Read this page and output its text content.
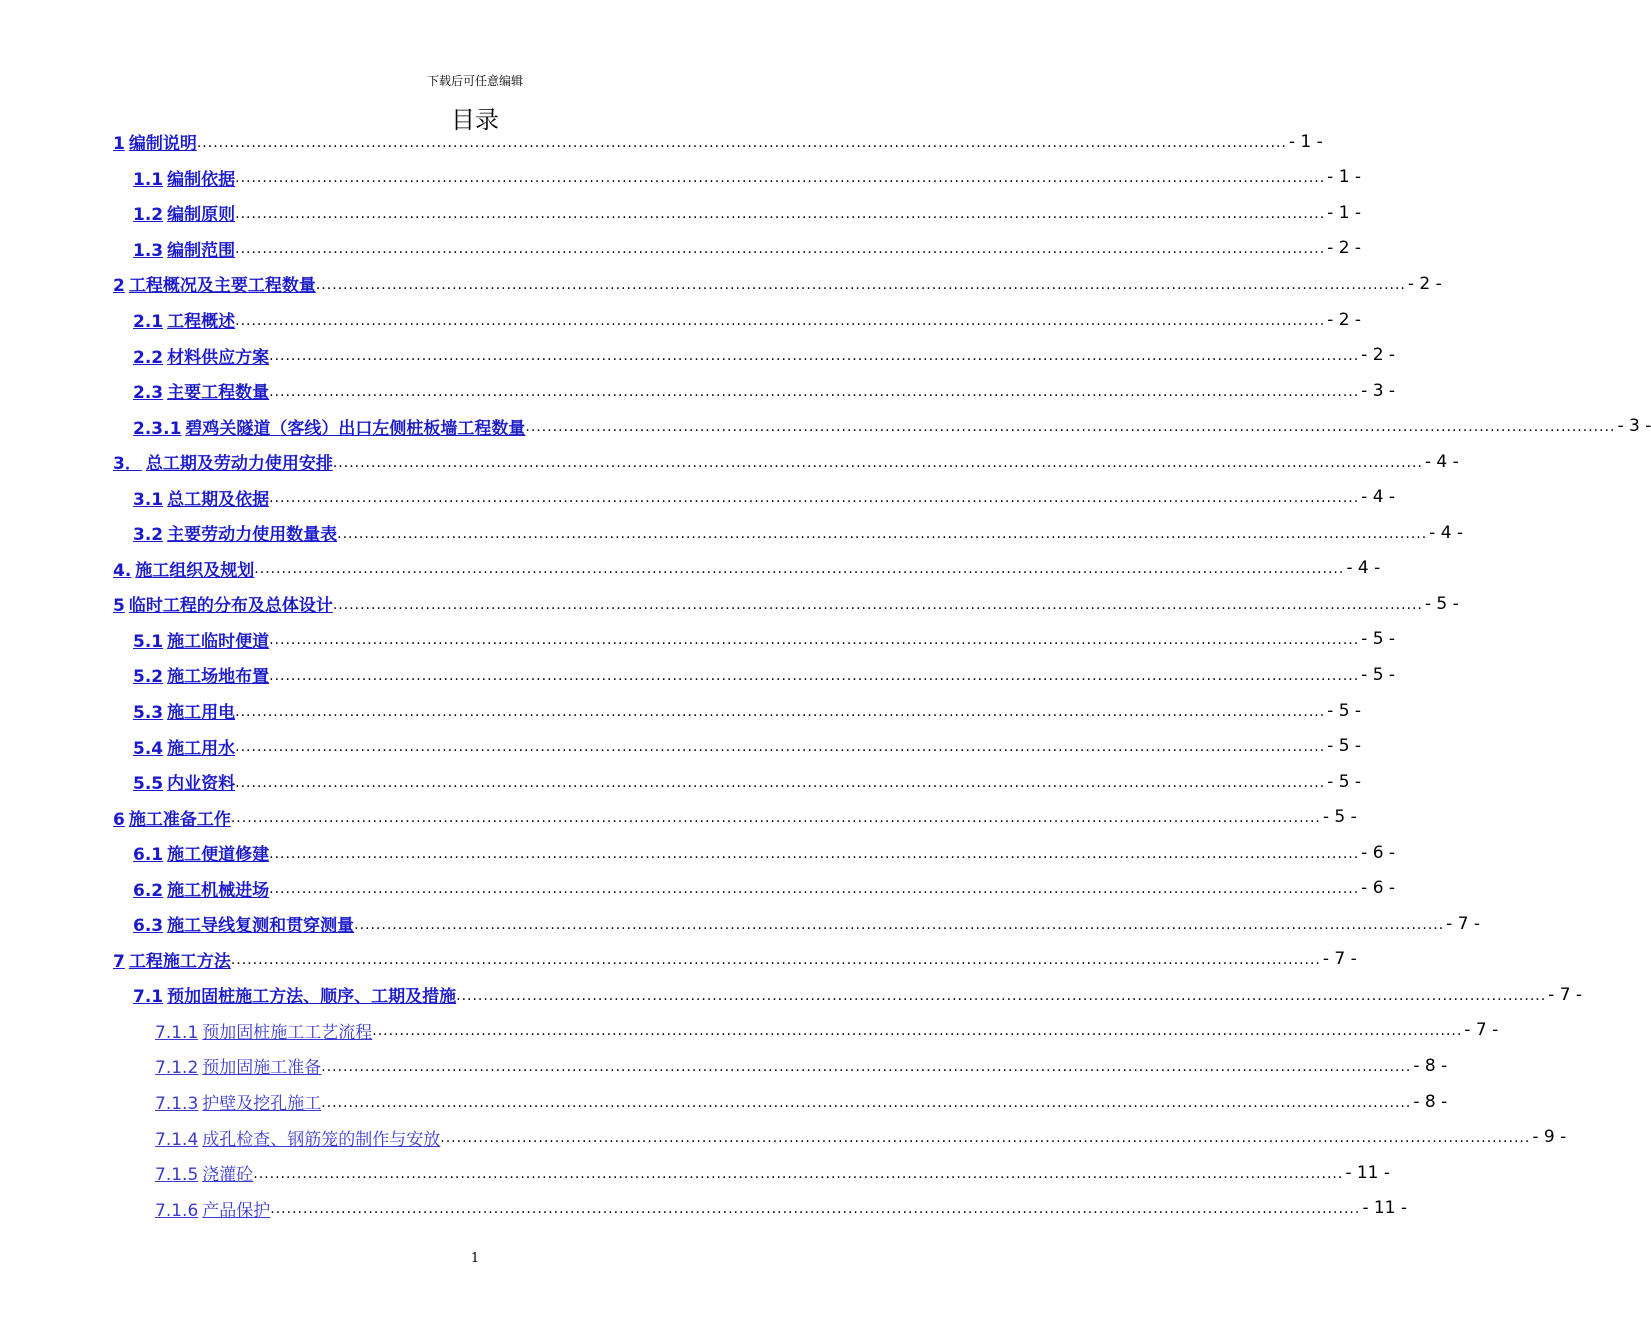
下载后可任意编辑
目录
1 编制说明 ........................................................................................................................................................................................................ - 1 -
1.1 编制依据 ........................................................................................................................................................................................................ - 1 -
1.2 编制原则 ........................................................................................................................................................................................................ - 1 -
1.3 编制范围 ........................................................................................................................................................................................................ - 2 -
2 工程概况及主要工程数量 ........................................................................................................................................................................................................ - 2 -
2.1 工程概述 ........................................................................................................................................................................................................ - 2 -
2.2 材料供应方案 ........................................................................................................................................................................................................ - 2 -
2.3 主要工程数量 ........................................................................................................................................................................................................ - 3 -
2.3.1 碧鸡关隧道（客线）出口左侧桩板墙工程数量 ........................................................................................................................................................................................................ - 3 -
3． 总工期及劳动力使用安排 ........................................................................................................................................................................................................ - 4 -
3.1 总工期及依据 ........................................................................................................................................................................................................ - 4 -
3.2 主要劳动力使用数量表 ........................................................................................................................................................................................................ - 4 -
4. 施工组织及规划 ........................................................................................................................................................................................................ - 4 -
5 临时工程的分布及总体设计 ........................................................................................................................................................................................................ - 5 -
5.1 施工临时便道 ........................................................................................................................................................................................................ - 5 -
5.2 施工场地布置 ........................................................................................................................................................................................................ - 5 -
5.3 施工用电 ........................................................................................................................................................................................................ - 5 -
5.4 施工用水 ........................................................................................................................................................................................................ - 5 -
5.5 内业资料 ........................................................................................................................................................................................................ - 5 -
6 施工准备工作 ........................................................................................................................................................................................................ - 5 -
6.1 施工便道修建 ........................................................................................................................................................................................................ - 6 -
6.2 施工机械进场 ........................................................................................................................................................................................................ - 6 -
6.3 施工导线复测和贯穿测量 ........................................................................................................................................................................................................ - 7 -
7 工程施工方法 ........................................................................................................................................................................................................ - 7 -
7.1 预加固桩施工方法、顺序、工期及措施 ........................................................................................................................................................................................................ - 7 -
7.1.1 预加固桩施工工艺流程 ........................................................................................................................................................................................................ - 7 -
7.1.2 预加固施工准备 ........................................................................................................................................................................................................ - 8 -
7.1.3 护壁及挖孔施工 ........................................................................................................................................................................................................ - 8 -
7.1.4 成孔检查、钢筋笼的制作与安放 ........................................................................................................................................................................................................ - 9 -
7.1.5 浇灌砼 ........................................................................................................................................................................................................ - 11 -
7.1.6 产品保护 ........................................................................................................................................................................................................ - 11 -
1
